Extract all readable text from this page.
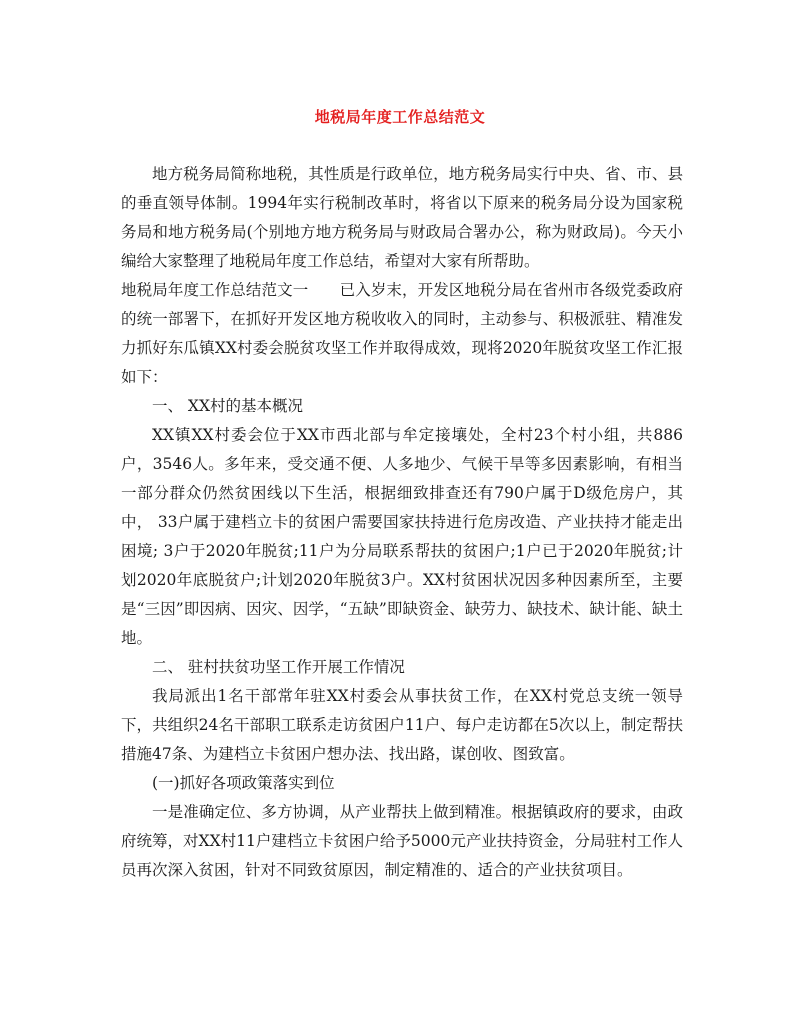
地税局年度工作总结范文

地方税务局简称地税，其性质是行政单位，地方税务局实行中央、省、市、县的垂直领导体制。1994年实行税制改革时，将省以下原来的税务局分设为国家税务局和地方税务局(个别地方地方税务局与财政局合署办公，称为财政局)。今天小编给大家整理了地税局年度工作总结，希望对大家有所帮助。

地税局年度工作总结范文一　　已入岁末，开发区地税分局在省州市各级党委政府的统一部署下，在抓好开发区地方税收收入的同时，主动参与、积极派驻、精准发力抓好东瓜镇XX村委会脱贫攻坚工作并取得成效，现将2020年脱贫攻坚工作汇报如下：

一、 XX村的基本概况

XX镇XX村委会位于XX市西北部与牟定接壤处，全村23个村小组，共886户，3546人。多年来，受交通不便、人多地少、气候干旱等多因素影响，有相当一部分群众仍然贫困线以下生活，根据细致排查还有790户属于D级危房户，其中， 33户属于建档立卡的贫困户需要国家扶持进行危房改造、产业扶持才能走出困境; 3户于2020年脱贫;11户为分局联系帮扶的贫困户;1户已于2020年脱贫;计划2020年底脱贫户;计划2020年脱贫3户。XX村贫困状况因多种因素所至，主要是“三因”即因病、因灾、因学，“五缺”即缺资金、缺劳力、缺技术、缺计能、缺土地。

二、 驻村扶贫功坚工作开展工作情况

我局派出1名干部常年驻XX村委会从事扶贫工作，在XX村党总支统一领导下，共组织24名干部职工联系走访贫困户11户、每户走访都在5次以上，制定帮扶措施47条、为建档立卡贫困户想办法、找出路，谋创收、图致富。

(一)抓好各项政策落实到位

一是准确定位、多方协调，从产业帮扶上做到精准。根据镇政府的要求，由政府统筹，对XX村11户建档立卡贫困户给予5000元产业扶持资金，分局驻村工作人员再次深入贫困，针对不同致贫原因，制定精准的、适合的产业扶贫项目。
